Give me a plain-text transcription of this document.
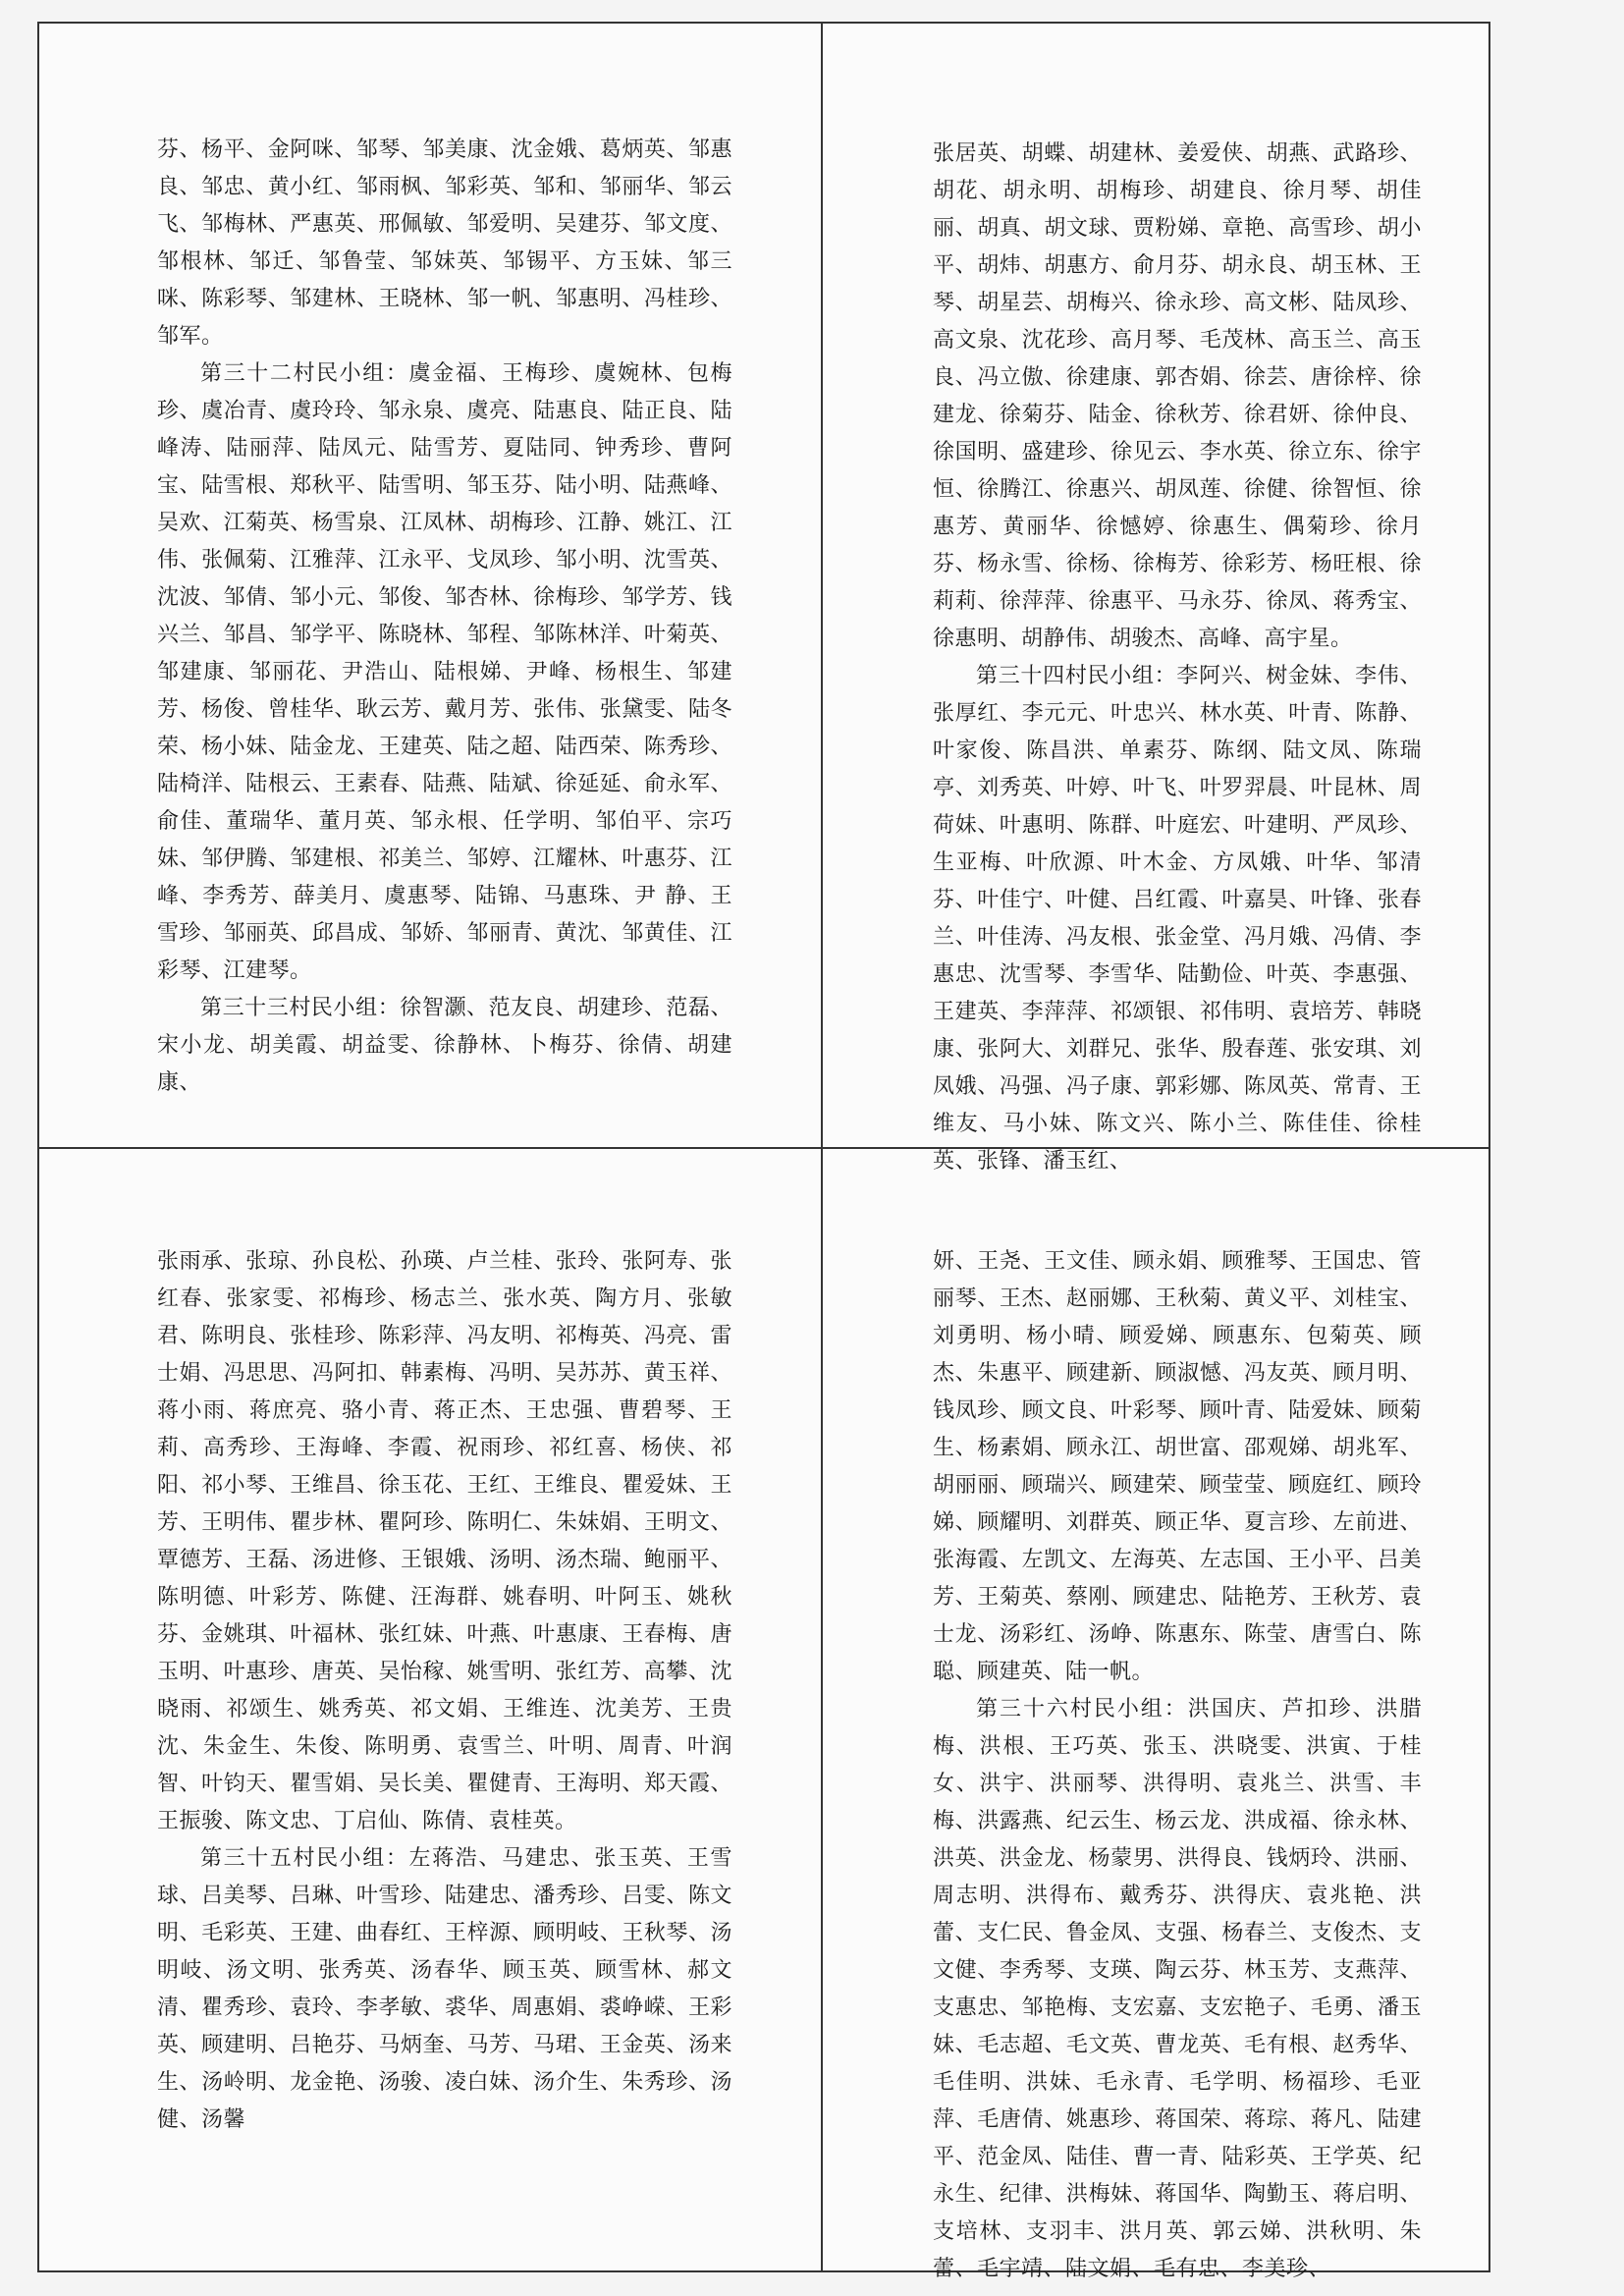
芬、杨平、金阿咪、邹琴、邹美康、沈金娥、葛炳英、邹惠良、邹忠、黄小红、邹雨枫、邹彩英、邹和、邹丽华、邹云飞、邹梅林、严惠英、邢佩敏、邹爱明、吴建芬、邹文度、邹根林、邹迁、邹鲁莹、邹妹英、邹锡平、方玉妹、邹三咪、陈彩琴、邹建林、王晓林、邹一帆、邹惠明、冯桂珍、邹军。

第三十二村民小组：虞金福、王梅珍、虞婉林、包梅珍、虞冶青、虞玲玲、邹永泉、虞亮、陆惠良、陆正良、陆峰涛、陆丽萍、陆凤元、陆雪芳、夏陆同、钟秀珍、曹阿宝、陆雪根、郑秋平、陆雪明、邹玉芬、陆小明、陆燕峰、吴欢、江菊英、杨雪泉、江凤林、胡梅珍、江静、姚江、江伟、张佩菊、江雅萍、江永平、戈凤珍、邹小明、沈雪英、沈波、邹倩、邹小元、邹俊、邹杏林、徐梅珍、邹学芳、钱兴兰、邹昌、邹学平、陈晓林、邹程、邹陈林洋、叶菊英、邹建康、邹丽花、尹浩山、陆根娣、尹峰、杨根生、邹建芳、杨俊、曾桂华、耿云芳、戴月芳、张伟、张黛雯、陆冬荣、杨小妹、陆金龙、王建英、陆之超、陆西荣、陈秀珍、陆椅洋、陆根云、王素春、陆燕、陆斌、徐延延、俞永军、俞佳、董瑞华、董月英、邹永根、任学明、邹伯平、宗巧妹、邹伊腾、邹建根、祁美兰、邹婷、江耀林、叶惠芬、江峰、李秀芳、薛美月、虞惠琴、陆锦、马惠珠、尹 静、王雪珍、邹丽英、邱昌成、邹娇、邹丽青、黄沈、邹黄佳、江彩琴、江建琴。

第三十三村民小组：徐智灏、范友良、胡建珍、范磊、宋小龙、胡美霞、胡益雯、徐静林、卜梅芬、徐倩、胡建康、

张居英、胡蝶、胡建林、姜爱侠、胡燕、武路珍、胡花、胡永明、胡梅珍、胡建良、徐月琴、胡佳丽、胡真、胡文球、贾粉娣、章艳、高雪珍、胡小平、胡炜、胡惠方、俞月芬、胡永良、胡玉林、王琴、胡星芸、胡梅兴、徐永珍、高文彬、陆凤珍、高文泉、沈花珍、高月琴、毛茂林、高玉兰、高玉良、冯立傲、徐建康、郭杏娟、徐芸、唐徐梓、徐建龙、徐菊芬、陆金、徐秋芳、徐君妍、徐仲良、徐国明、盛建珍、徐见云、李水英、徐立东、徐宇恒、徐腾江、徐惠兴、胡凤莲、徐健、徐智恒、徐惠芳、黄丽华、徐憾婷、徐惠生、偶菊珍、徐月芬、杨永雪、徐杨、徐梅芳、徐彩芳、杨旺根、徐莉莉、徐萍萍、徐惠平、马永芬、徐凤、蒋秀宝、徐惠明、胡静伟、胡骏杰、高峰、高宇星。

第三十四村民小组：李阿兴、树金妹、李伟、张厚红、李元元、叶忠兴、林水英、叶青、陈静、叶家俊、陈昌洪、单素芬、陈纲、陆文凤、陈瑞亭、刘秀英、叶婷、叶飞、叶罗羿晨、叶昆林、周荷妹、叶惠明、陈群、叶庭宏、叶建明、严凤珍、生亚梅、叶欣源、叶木金、方凤娥、叶华、邹清芬、叶佳宁、叶健、吕红霞、叶嘉昊、叶锋、张春兰、叶佳涛、冯友根、张金堂、冯月娥、冯倩、李惠忠、沈雪琴、李雪华、陆勤俭、叶英、李惠强、王建英、李萍萍、祁颂银、祁伟明、袁培芳、韩晓康、张阿大、刘群兄、张华、殷春莲、张安琪、刘凤娥、冯强、冯子康、郭彩娜、陈凤英、常青、王维友、马小妹、陈文兴、陈小兰、陈佳佳、徐桂英、张锋、潘玉红、

张雨承、张琼、孙良松、孙瑛、卢兰桂、张玲、张阿寿、张红春、张家雯、祁梅珍、杨志兰、张水英、陶方月、张敏君、陈明良、张桂珍、陈彩萍、冯友明、祁梅英、冯亮、雷士娟、冯思思、冯阿扣、韩素梅、冯明、吴苏苏、黄玉祥、蒋小雨、蒋庶亮、骆小青、蒋正杰、王忠强、曹碧琴、王莉、高秀珍、王海峰、李霞、祝雨珍、祁红喜、杨侠、祁阳、祁小琴、王维昌、徐玉花、王红、王维良、瞿爱妹、王芳、王明伟、瞿步林、瞿阿珍、陈明仁、朱妹娟、王明文、覃德芳、王磊、汤进修、王银娥、汤明、汤杰瑞、鲍丽平、陈明德、叶彩芳、陈健、汪海群、姚春明、叶阿玉、姚秋芬、金姚琪、叶福林、张红妹、叶燕、叶惠康、王春梅、唐玉明、叶惠珍、唐英、吴怡稼、姚雪明、张红芳、高攀、沈晓雨、祁颂生、姚秀英、祁文娟、王维连、沈美芳、王贵沈、朱金生、朱俊、陈明勇、袁雪兰、叶明、周青、叶润智、叶钧天、瞿雪娟、吴长美、瞿健青、王海明、郑天霞、王振骏、陈文忠、丁启仙、陈倩、袁桂英。

第三十五村民小组：左蒋浩、马建忠、张玉英、王雪球、吕美琴、吕琳、叶雪珍、陆建忠、潘秀珍、吕雯、陈文明、毛彩英、王建、曲春红、王梓源、顾明岐、王秋琴、汤明岐、汤文明、张秀英、汤春华、顾玉英、顾雪林、郝文清、瞿秀珍、袁玲、李孝敏、裘华、周惠娟、裘峥嵘、王彩英、顾建明、吕艳芬、马炳奎、马芳、马珺、王金英、汤来生、汤岭明、龙金艳、汤骏、凌白妹、汤介生、朱秀珍、汤健、汤馨

妍、王尧、王文佳、顾永娟、顾雅琴、王国忠、管丽琴、王杰、赵丽娜、王秋菊、黄义平、刘桂宝、刘勇明、杨小晴、顾爱娣、顾惠东、包菊英、顾杰、朱惠平、顾建新、顾淑憾、冯友英、顾月明、钱凤珍、顾文良、叶彩琴、顾叶青、陆爱妹、顾菊生、杨素娟、顾永江、胡世富、邵观娣、胡兆军、胡丽丽、顾瑞兴、顾建荣、顾莹莹、顾庭红、顾玲娣、顾耀明、刘群英、顾正华、夏言珍、左前进、张海霞、左凯文、左海英、左志国、王小平、吕美芳、王菊英、蔡刚、顾建忠、陆艳芳、王秋芳、袁士龙、汤彩红、汤峥、陈惠东、陈莹、唐雪白、陈聪、顾建英、陆一帆。

第三十六村民小组：洪国庆、芦扣珍、洪腊梅、洪根、王巧英、张玉、洪晓雯、洪寅、于桂女、洪宇、洪丽琴、洪得明、袁兆兰、洪雪、丰梅、洪露燕、纪云生、杨云龙、洪成福、徐永林、洪英、洪金龙、杨蒙男、洪得良、钱炳玲、洪丽、周志明、洪得布、戴秀芬、洪得庆、袁兆艳、洪蕾、支仁民、鲁金凤、支强、杨春兰、支俊杰、支文健、李秀琴、支瑛、陶云芬、林玉芳、支燕萍、支惠忠、邹艳梅、支宏嘉、支宏艳子、毛勇、潘玉妹、毛志超、毛文英、曹龙英、毛有根、赵秀华、毛佳明、洪妹、毛永青、毛学明、杨福珍、毛亚萍、毛唐倩、姚惠珍、蒋国荣、蒋琮、蒋凡、陆建平、范金凤、陆佳、曹一青、陆彩英、王学英、纪永生、纪律、洪梅妹、蒋国华、陶勤玉、蒋启明、支培林、支羽丰、洪月英、郭云娣、洪秋明、朱蕾、毛宇靖、陆文娟、毛有忠、李美珍、
